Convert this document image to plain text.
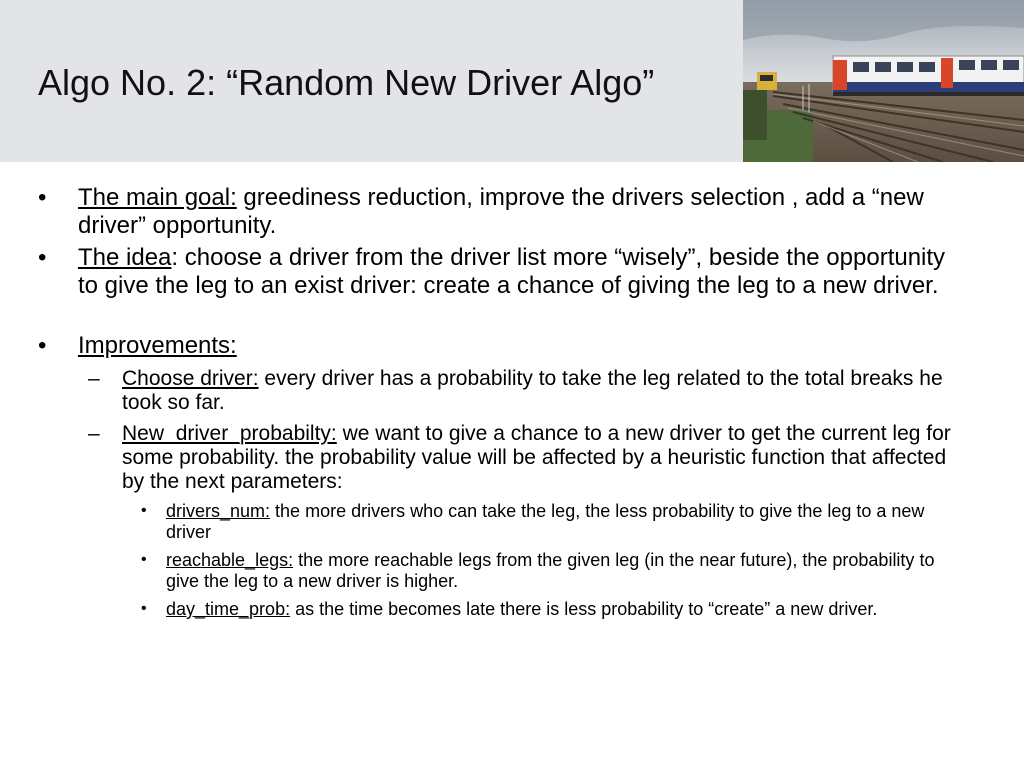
Algo No. 2: “Random New Driver Algo”
• The main goal: greediness reduction, improve the drivers selection , add a “new driver” opportunity.
• The idea: choose a driver from the driver list more “wisely”, beside the opportunity to give the leg to an exist driver: create a chance of giving the leg to a new driver.
• Improvements:
– Choose driver: every driver has a probability to take the leg related to the total breaks he took so far.
– New_driver_probabilty: we want to give a chance to a new driver to get the current leg for some probability. the probability value will be affected by a heuristic function that affected by the next parameters:
• drivers_num: the more drivers who can take the leg, the less probability to give the leg to a new driver
• reachable_legs: the more reachable legs from the given leg (in the near future), the probability to give the leg to a new driver is higher.
• day_time_prob: as the time becomes late there is less probability to “create” a new driver.
